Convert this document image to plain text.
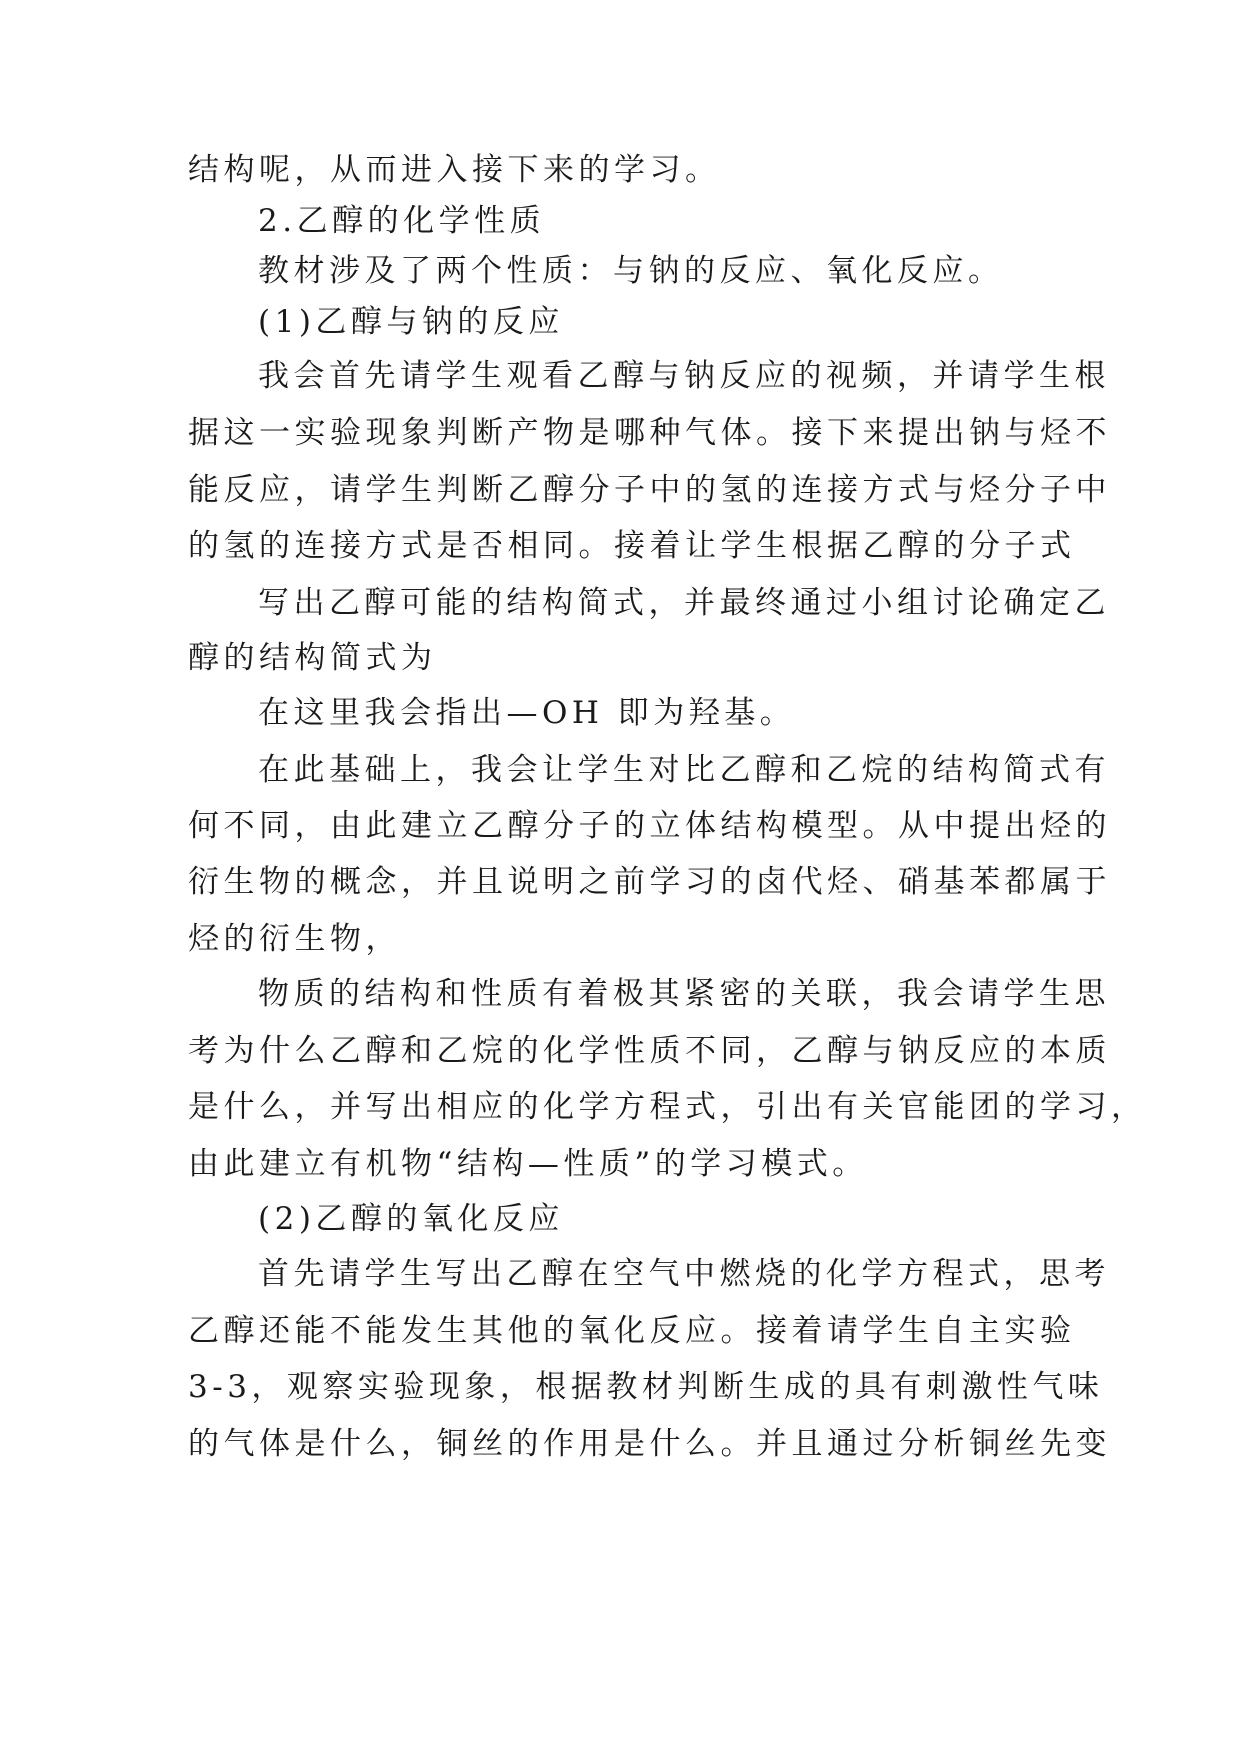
结构呢，从而进入接下来的学习。
2.乙醇的化学性质
教材涉及了两个性质：与钠的反应、氧化反应。
(1)乙醇与钠的反应
我会首先请学生观看乙醇与钠反应的视频，并请学生根
据这一实验现象判断产物是哪种气体。接下来提出钠与烃不
能反应，请学生判断乙醇分子中的氢的连接方式与烃分子中
的氢的连接方式是否相同。接着让学生根据乙醇的分子式
写出乙醇可能的结构简式，并最终通过小组讨论确定乙
醇的结构简式为
在这里我会指出—OH 即为羟基。
在此基础上，我会让学生对比乙醇和乙烷的结构简式有
何不同，由此建立乙醇分子的立体结构模型。从中提出烃的
衍生物的概念，并且说明之前学习的卤代烃、硝基苯都属于
烃的衍生物，
物质的结构和性质有着极其紧密的关联，我会请学生思
考为什么乙醇和乙烷的化学性质不同，乙醇与钠反应的本质
是什么，并写出相应的化学方程式，引出有关官能团的学习，
由此建立有机物“结构—性质”的学习模式。
(2)乙醇的氧化反应
首先请学生写出乙醇在空气中燃烧的化学方程式，思考
乙醇还能不能发生其他的氧化反应。接着请学生自主实验
3-3，观察实验现象，根据教材判断生成的具有刺激性气味
的气体是什么，铜丝的作用是什么。并且通过分析铜丝先变
